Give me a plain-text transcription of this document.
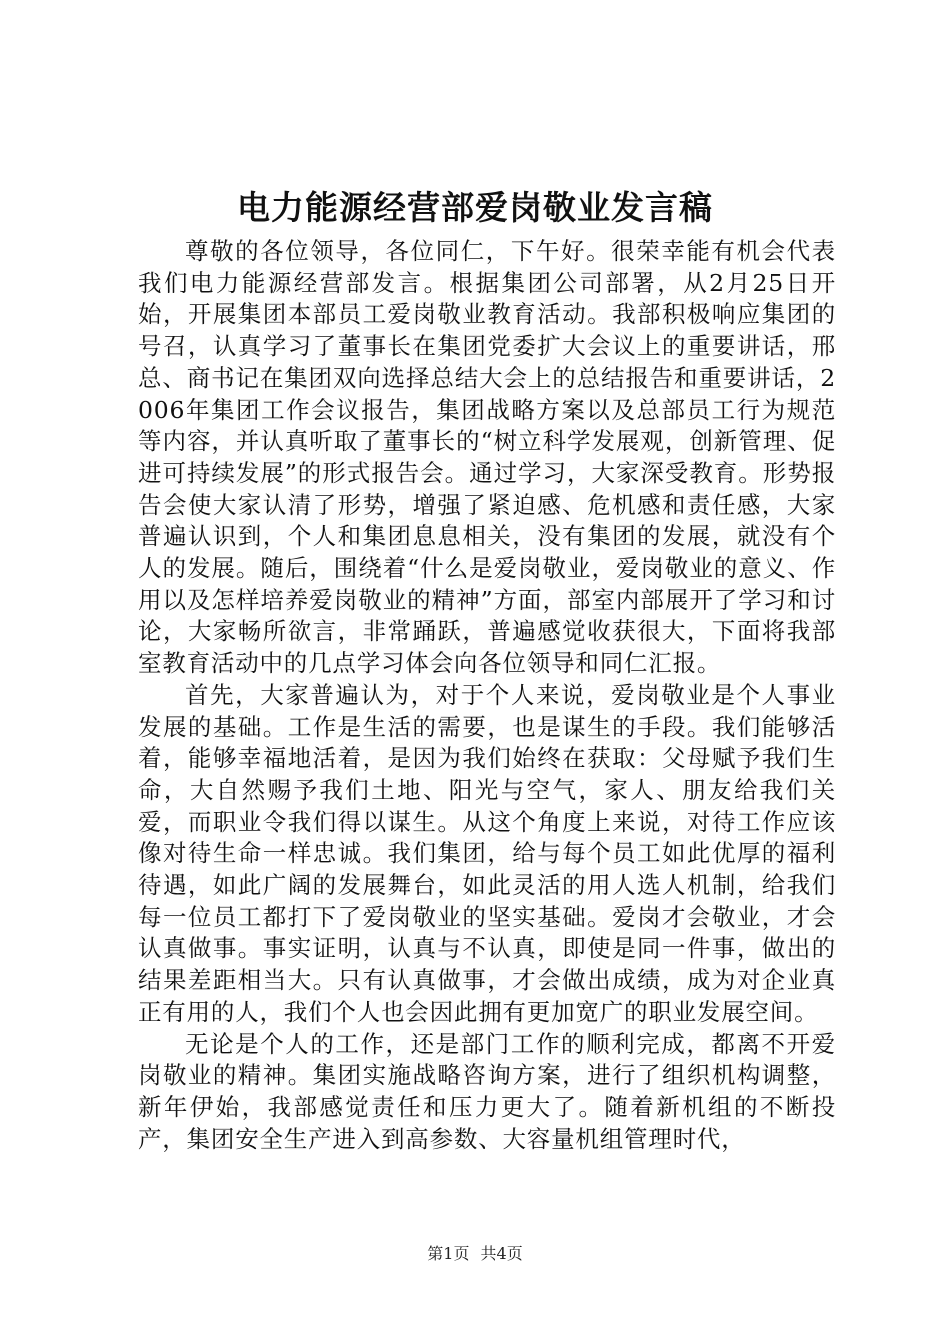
电力能源经营部爱岗敬业发言稿

尊敬的各位领导，各位同仁，下午好。很荣幸能有机会代表我们电力能源经营部发言。根据集团公司部署，从2月25日开始，开展集团本部员工爱岗敬业教育活动。我部积极响应集团的号召，认真学习了董事长在集团党委扩大会议上的重要讲话，邢总、商书记在集团双向选择总结大会上的总结报告和重要讲话，2006年集团工作会议报告，集团战略方案以及总部员工行为规范等内容，并认真听取了董事长的“树立科学发展观，创新管理、促进可持续发展”的形式报告会。通过学习，大家深受教育。形势报告会使大家认清了形势，增强了紧迫感、危机感和责任感，大家普遍认识到，个人和集团息息相关，没有集团的发展，就没有个人的发展。随后，围绕着“什么是爱岗敬业，爱岗敬业的意义、作用以及怎样培养爱岗敬业的精神”方面，部室内部展开了学习和讨论，大家畅所欲言，非常踊跃，普遍感觉收获很大，下面将我部室教育活动中的几点学习体会向各位领导和同仁汇报。

首先，大家普遍认为，对于个人来说，爱岗敬业是个人事业发展的基础。工作是生活的需要，也是谋生的手段。我们能够活着，能够幸福地活着，是因为我们始终在获取：父母赋予我们生命，大自然赐予我们土地、阳光与空气，家人、朋友给我们关爱，而职业令我们得以谋生。从这个角度上来说，对待工作应该像对待生命一样忠诚。我们集团，给与每个员工如此优厚的福利待遇，如此广阔的发展舞台，如此灵活的用人选人机制，给我们每一位员工都打下了爱岗敬业的坚实基础。爱岗才会敬业，才会认真做事。事实证明，认真与不认真，即使是同一件事，做出的结果差距相当大。只有认真做事，才会做出成绩，成为对企业真正有用的人，我们个人也会因此拥有更加宽广的职业发展空间。

无论是个人的工作，还是部门工作的顺利完成，都离不开爱岗敬业的精神。集团实施战略咨询方案，进行了组织机构调整，新年伊始，我部感觉责任和压力更大了。随着新机组的不断投产，集团安全生产进入到高参数、大容量机组管理时代，

第1页 共4页
